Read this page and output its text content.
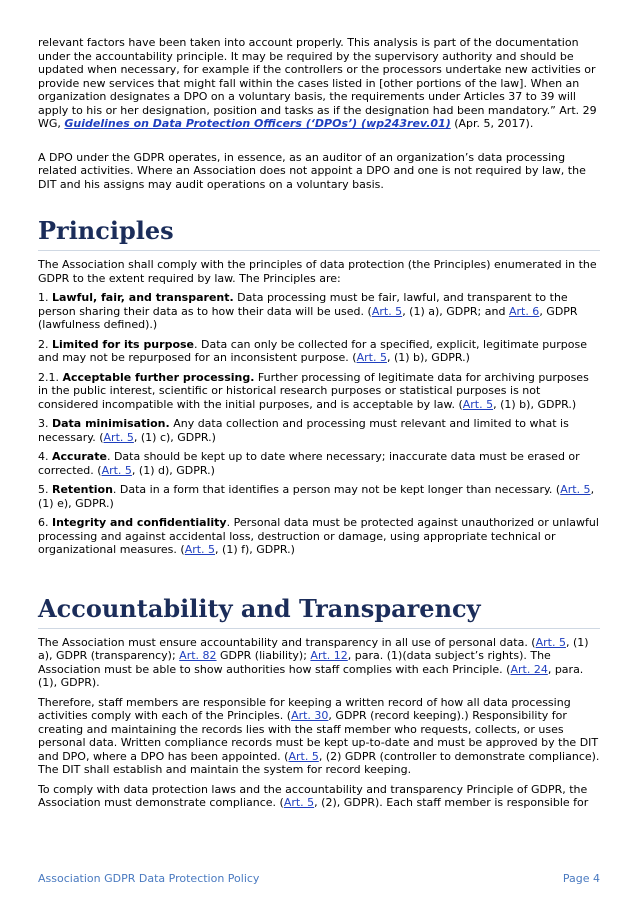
relevant factors have been taken into account properly. This analysis is part of the documentation under the accountability principle. It may be required by the supervisory authority and should be updated when necessary, for example if the controllers or the processors undertake new activities or provide new services that might fall within the cases listed in [other portions of the law]. When an organization designates a DPO on a voluntary basis, the requirements under Articles 37 to 39 will apply to his or her designation, position and tasks as if the designation had been mandatory.” Art. 29 WG, Guidelines on Data Protection Officers (‘DPOs’) (wp243rev.01) (Apr. 5, 2017).

A DPO under the GDPR operates, in essence, as an auditor of an organization’s data processing related activities. Where an Association does not appoint a DPO and one is not required by law, the DIT and his assigns may audit operations on a voluntary basis.

Principles

The Association shall comply with the principles of data protection (the Principles) enumerated in the GDPR to the extent required by law. The Principles are:

1. Lawful, fair, and transparent. Data processing must be fair, lawful, and transparent to the person sharing their data as to how their data will be used. (Art. 5, (1) a), GDPR; and Art. 6, GDPR (lawfulness defined).)

2. Limited for its purpose. Data can only be collected for a specified, explicit, legitimate purpose and may not be repurposed for an inconsistent purpose. (Art. 5, (1) b), GDPR.)

2.1. Acceptable further processing. Further processing of legitimate data for archiving purposes in the public interest, scientific or historical research purposes or statistical purposes is not considered incompatible with the initial purposes, and is acceptable by law. (Art. 5, (1) b), GDPR.)

3. Data minimisation. Any data collection and processing must relevant and limited to what is necessary. (Art. 5, (1) c), GDPR.)

4. Accurate. Data should be kept up to date where necessary; inaccurate data must be erased or corrected. (Art. 5, (1) d), GDPR.)

5. Retention. Data in a form that identifies a person may not be kept longer than necessary. (Art. 5, (1) e), GDPR.)

6. Integrity and confidentiality. Personal data must be protected against unauthorized or unlawful processing and against accidental loss, destruction or damage, using appropriate technical or organizational measures. (Art. 5, (1) f), GDPR.)

Accountability and Transparency

The Association must ensure accountability and transparency in all use of personal data. (Art. 5, (1) a), GDPR (transparency); Art. 82 GDPR (liability); Art. 12, para. (1)(data subject’s rights). The Association must be able to show authorities how staff complies with each Principle. (Art. 24, para. (1), GDPR).

Therefore, staff members are responsible for keeping a written record of how all data processing activities comply with each of the Principles. (Art. 30, GDPR (record keeping).) Responsibility for creating and maintaining the records lies with the staff member who requests, collects, or uses personal data. Written compliance records must be kept up-to-date and must be approved by the DIT and DPO, where a DPO has been appointed. (Art. 5, (2) GDPR (controller to demonstrate compliance). The DIT shall establish and maintain the system for record keeping.

To comply with data protection laws and the accountability and transparency Principle of GDPR, the Association must demonstrate compliance. (Art. 5, (2), GDPR). Each staff member is responsible for

Association GDPR Data Protection Policy	Page 4
